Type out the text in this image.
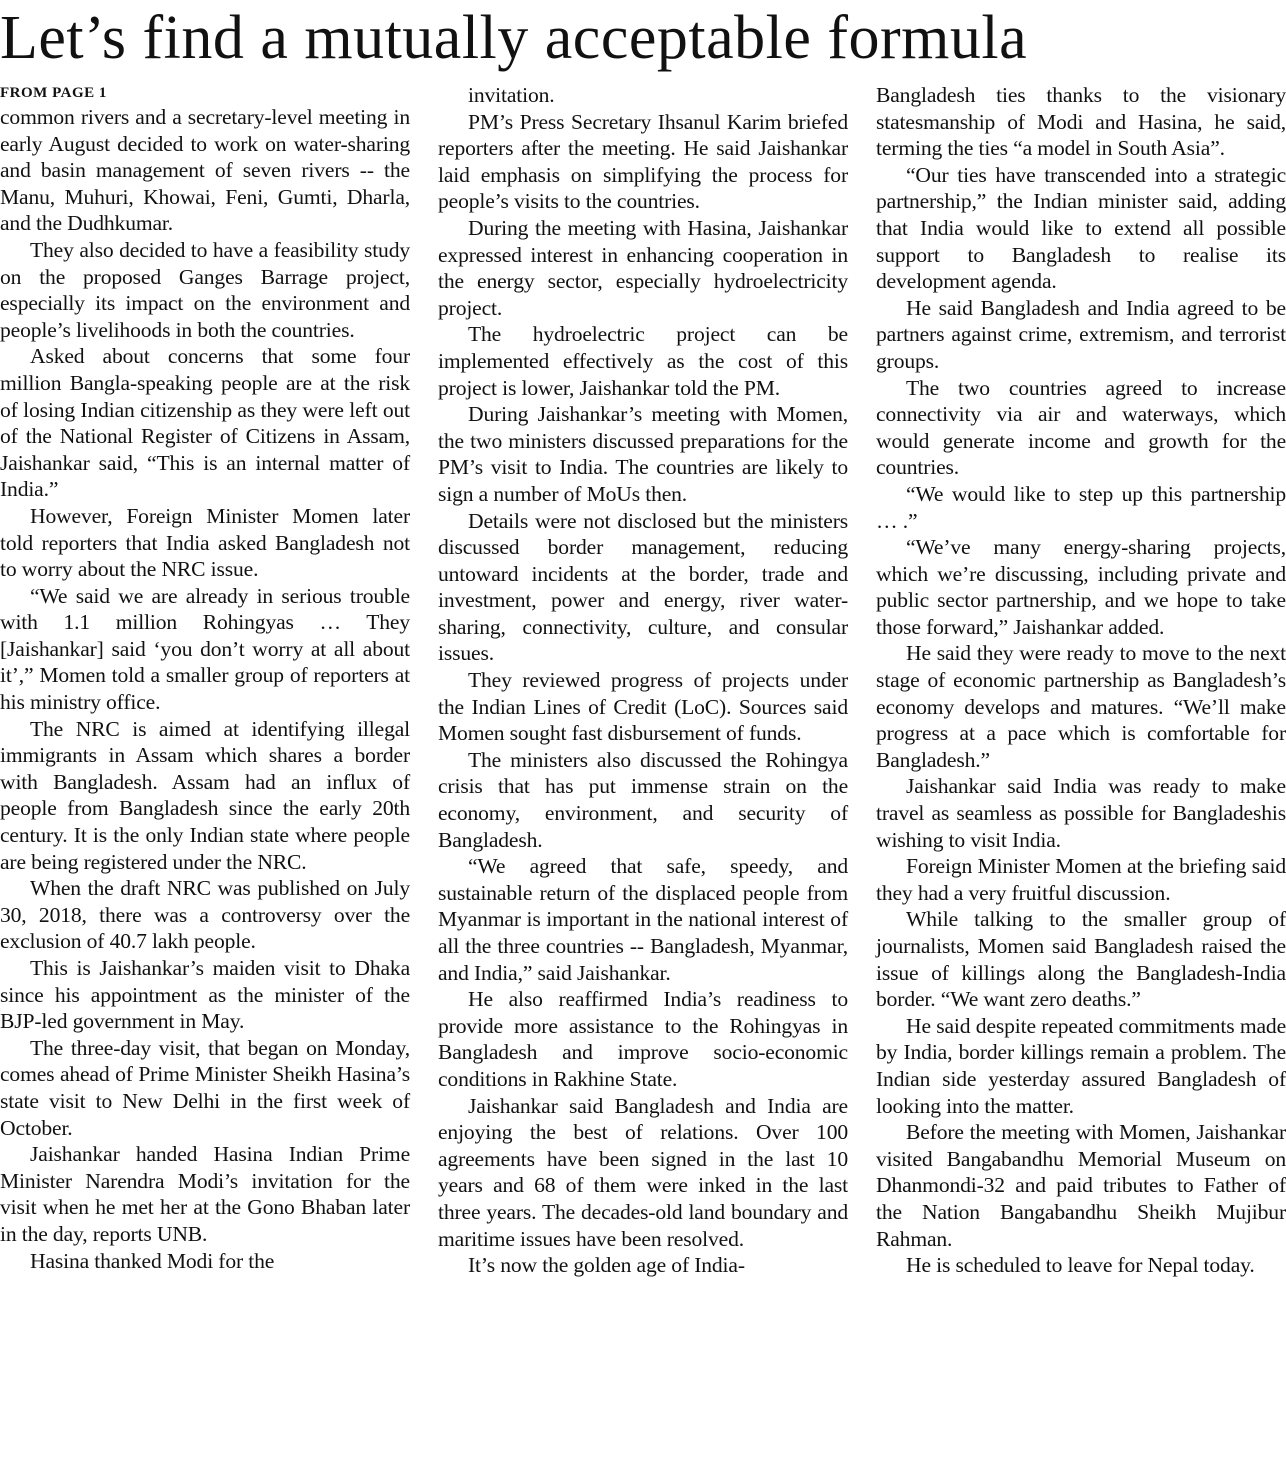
Let’s find a mutually acceptable formula
FROM PAGE 1

common rivers and a secretary-level meeting in early August decided to work on water-sharing and basin management of seven rivers -- the Manu, Muhuri, Khowai, Feni, Gumti, Dharla, and the Dudhkumar.

They also decided to have a feasibility study on the proposed Ganges Barrage project, especially its impact on the environment and people’s livelihoods in both the countries.

Asked about concerns that some four million Bangla-speaking people are at the risk of losing Indian citizenship as they were left out of the National Register of Citizens in Assam, Jaishankar said, “This is an internal matter of India.”

However, Foreign Minister Momen later told reporters that India asked Bangladesh not to worry about the NRC issue.

“We said we are already in serious trouble with 1.1 million Rohingyas … They [Jaishankar] said ‘you don’t worry at all about it’,” Momen told a smaller group of reporters at his ministry office.

The NRC is aimed at identifying illegal immigrants in Assam which shares a border with Bangladesh. Assam had an influx of people from Bangladesh since the early 20th century. It is the only Indian state where people are being registered under the NRC.

When the draft NRC was published on July 30, 2018, there was a controversy over the exclusion of 40.7 lakh people.

This is Jaishankar’s maiden visit to Dhaka since his appointment as the minister of the BJP-led government in May.

The three-day visit, that began on Monday, comes ahead of Prime Minister Sheikh Hasina’s state visit to New Delhi in the first week of October.

Jaishankar handed Hasina Indian Prime Minister Narendra Modi’s invitation for the visit when he met her at the Gono Bhaban later in the day, reports UNB.

Hasina thanked Modi for the

invitation.

PM’s Press Secretary Ihsanul Karim briefed reporters after the meeting. He said Jaishankar laid emphasis on simplifying the process for people’s visits to the countries.

During the meeting with Hasina, Jaishankar expressed interest in enhancing cooperation in the energy sector, especially hydroelectricity project.

The hydroelectric project can be implemented effectively as the cost of this project is lower, Jaishankar told the PM.

During Jaishankar’s meeting with Momen, the two ministers discussed preparations for the PM’s visit to India. The countries are likely to sign a number of MoUs then.

Details were not disclosed but the ministers discussed border management, reducing untoward incidents at the border, trade and investment, power and energy, river water-sharing, connectivity, culture, and consular issues.

They reviewed progress of projects under the Indian Lines of Credit (LoC). Sources said Momen sought fast disbursement of funds.

The ministers also discussed the Rohingya crisis that has put immense strain on the economy, environment, and security of Bangladesh.

“We agreed that safe, speedy, and sustainable return of the displaced people from Myanmar is important in the national interest of all the three countries -- Bangladesh, Myanmar, and India,” said Jaishankar.

He also reaffirmed India’s readiness to provide more assistance to the Rohingyas in Bangladesh and improve socio-economic conditions in Rakhine State.

Jaishankar said Bangladesh and India are enjoying the best of relations. Over 100 agreements have been signed in the last 10 years and 68 of them were inked in the last three years. The decades-old land boundary and maritime issues have been resolved.

It’s now the golden age of India-

Bangladesh ties thanks to the visionary statesmanship of Modi and Hasina, he said, terming the ties “a model in South Asia”.

“Our ties have transcended into a strategic partnership,” the Indian minister said, adding that India would like to extend all possible support to Bangladesh to realise its development agenda.

He said Bangladesh and India agreed to be partners against crime, extremism, and terrorist groups.

The two countries agreed to increase connectivity via air and waterways, which would generate income and growth for the countries.

“We would like to step up this partnership … .”

“We’ve many energy-sharing projects, which we’re discussing, including private and public sector partnership, and we hope to take those forward,” Jaishankar added.

He said they were ready to move to the next stage of economic partnership as Bangladesh’s economy develops and matures. “We’ll make progress at a pace which is comfortable for Bangladesh.”

Jaishankar said India was ready to make travel as seamless as possible for Bangladeshis wishing to visit India.

Foreign Minister Momen at the briefing said they had a very fruitful discussion.

While talking to the smaller group of journalists, Momen said Bangladesh raised the issue of killings along the Bangladesh-India border. “We want zero deaths.”

He said despite repeated commitments made by India, border killings remain a problem. The Indian side yesterday assured Bangladesh of looking into the matter.

Before the meeting with Momen, Jaishankar visited Bangabandhu Memorial Museum on Dhanmondi-32 and paid tributes to Father of the Nation Bangabandhu Sheikh Mujibur Rahman.

He is scheduled to leave for Nepal today.
